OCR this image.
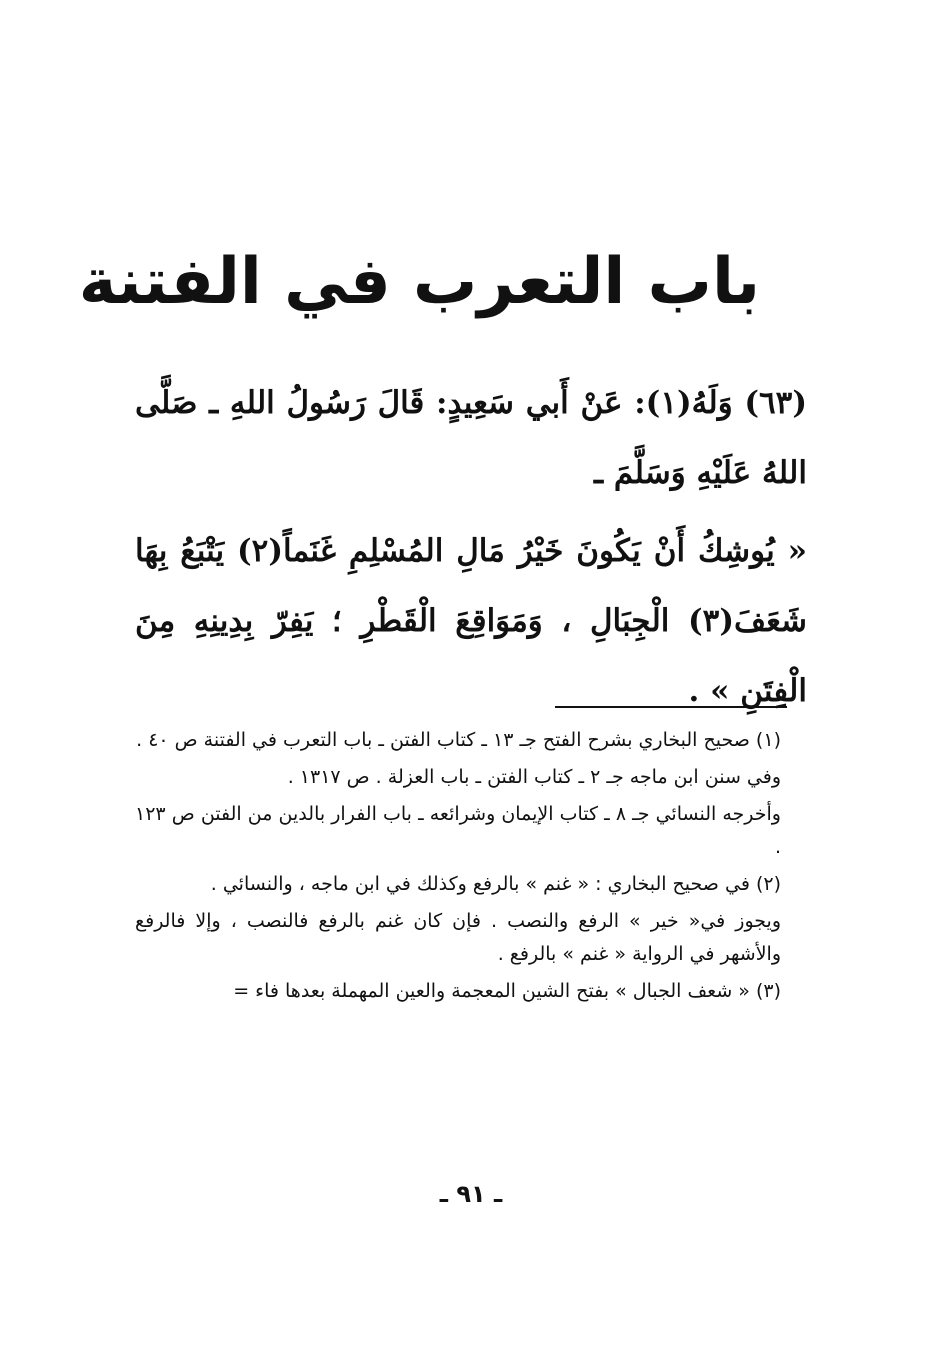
باب التعرب في الفتنة

(٦٣) وَلَهُ(١): عَنْ أَبي سَعِيدٍ: قَالَ رَسُولُ اللهِ ـ صَلَّى اللهُ عَلَيْهِ وَسَلَّمَ ـ

« يُوشِكُ أَنْ يَكُونَ خَيْرُ مَالِ المُسْلِمِ غَنَماً(٢) يَتْبَعُ بِهَا شَعَفَ(٣) الْجِبَالِ ، وَمَوَاقِعَ الْقَطْرِ ؛ يَفِرّ بِدِينِهِ مِنَ الْفِتَنِ » .

(١) صحيح البخاري بشرح الفتح جـ ١٣ ـ كتاب الفتن ـ باب التعرب في الفتنة ص ٤٠ .

وفي سنن ابن ماجه جـ ٢ ـ كتاب الفتن ـ باب العزلة . ص ١٣١٧ .

وأخرجه النسائي جـ ٨ ـ كتاب الإيمان وشرائعه ـ باب الفرار بالدين من الفتن ص ١٢٣ .

(٢) في صحيح البخاري : « غنم » بالرفع وكذلك في ابن ماجه ، والنسائي .

ويجوز في« خير » الرفع والنصب . فإن كان غنم بالرفع فالنصب ، وإلا فالرفع والأشهر في الرواية « غنم » بالرفع .

(٣) « شعف الجبال » بفتح الشين المعجمة والعين المهملة بعدها فاء =

ـ ٩١ ـ
